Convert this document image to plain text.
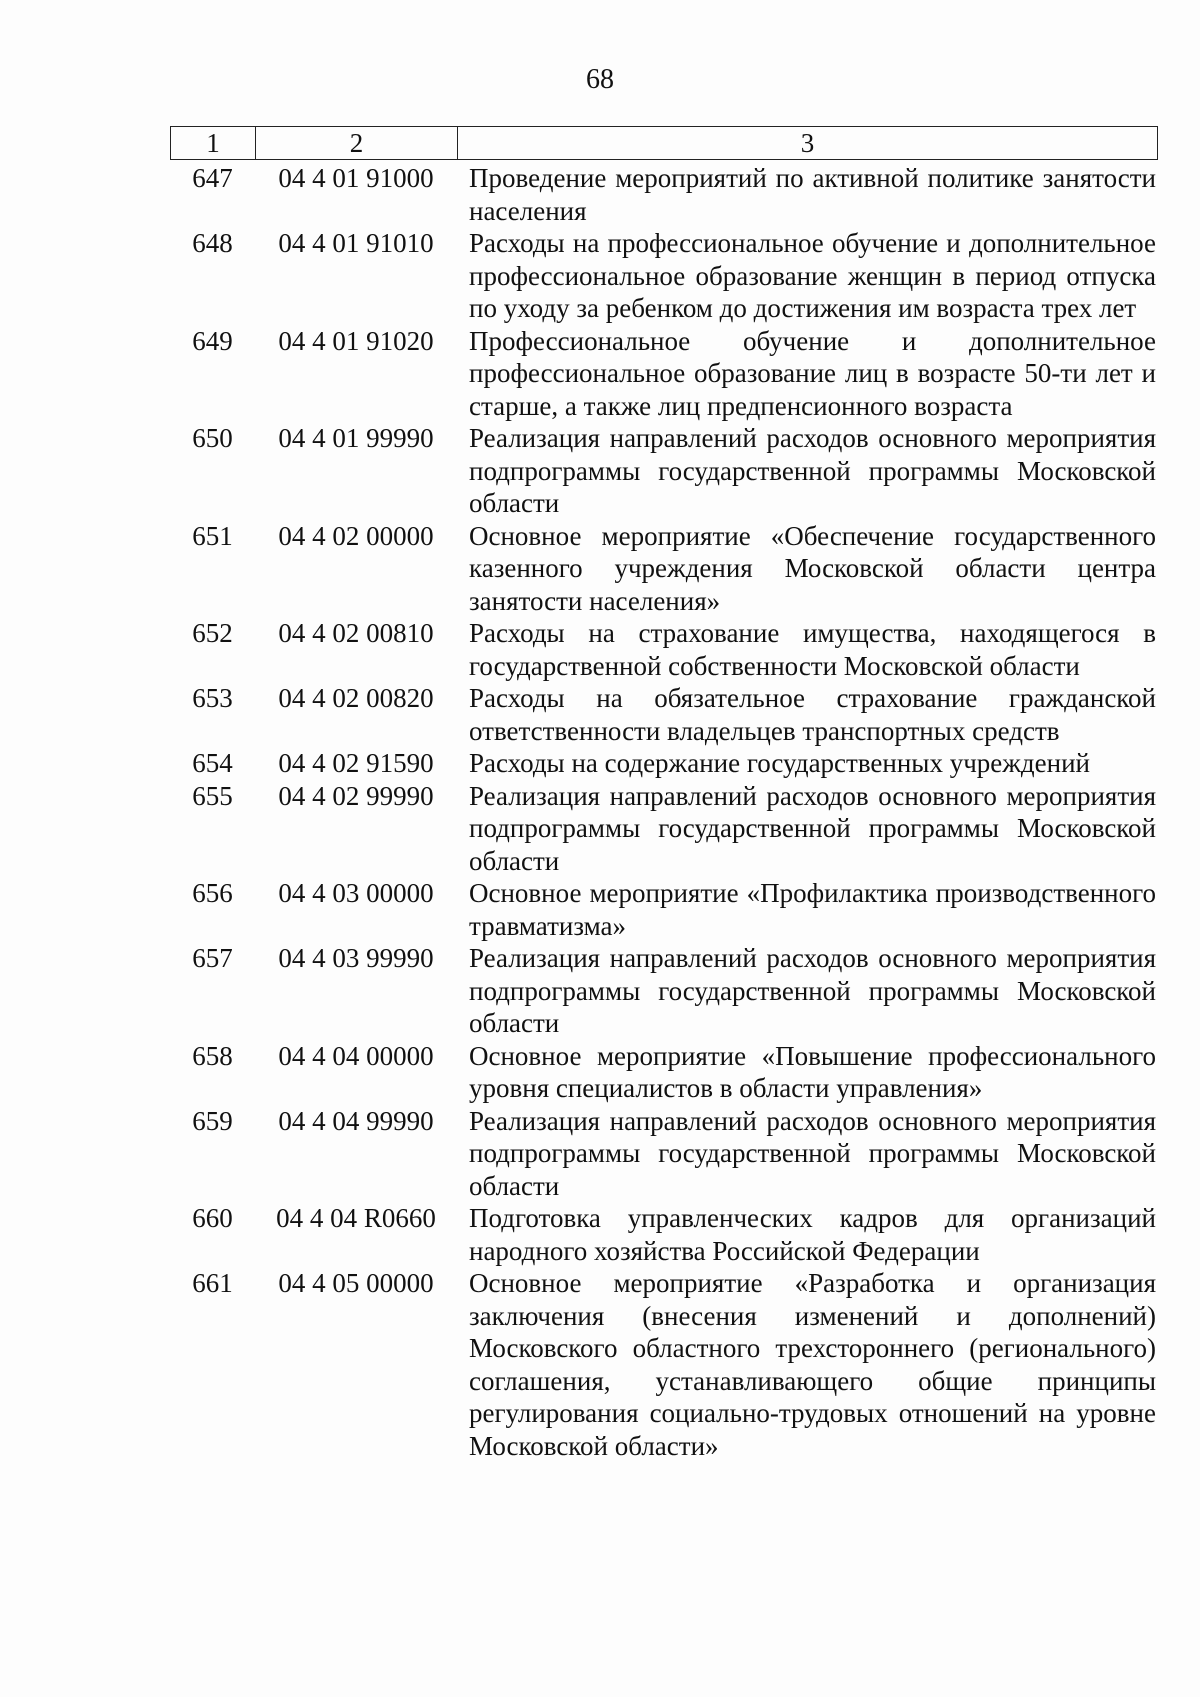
68
1	2	3
647	04 4 01 91000	Проведение мероприятий по активной политике занятости населения
648	04 4 01 91010	Расходы на профессиональное обучение и дополнительное профессиональное образование женщин в период отпуска по уходу за ребенком до достижения им возраста трех лет
649	04 4 01 91020	Профессиональное обучение и дополнительное профессиональное образование лиц в возрасте 50-ти лет и старше, а также лиц предпенсионного возраста
650	04 4 01 99990	Реализация направлений расходов основного мероприятия подпрограммы государственной программы Московской области
651	04 4 02 00000	Основное мероприятие «Обеспечение государственного казенного учреждения Московской области центра занятости населения»
652	04 4 02 00810	Расходы на страхование имущества, находящегося в государственной собственности Московской области
653	04 4 02 00820	Расходы на обязательное страхование гражданской ответственности владельцев транспортных средств
654	04 4 02 91590	Расходы на содержание государственных учреждений
655	04 4 02 99990	Реализация направлений расходов основного мероприятия подпрограммы государственной программы Московской области
656	04 4 03 00000	Основное мероприятие «Профилактика производственного травматизма»
657	04 4 03 99990	Реализация направлений расходов основного мероприятия подпрограммы государственной программы Московской области
658	04 4 04 00000	Основное мероприятие «Повышение профессионального уровня специалистов в области управления»
659	04 4 04 99990	Реализация направлений расходов основного мероприятия подпрограммы государственной программы Московской области
660	04 4 04 R0660	Подготовка управленческих кадров для организаций народного хозяйства Российской Федерации
661	04 4 05 00000	Основное мероприятие «Разработка и организация заключения (внесения изменений и дополнений) Московского областного трехстороннего (регионального) соглашения, устанавливающего общие принципы регулирования социально-трудовых отношений на уровне Московской области»
